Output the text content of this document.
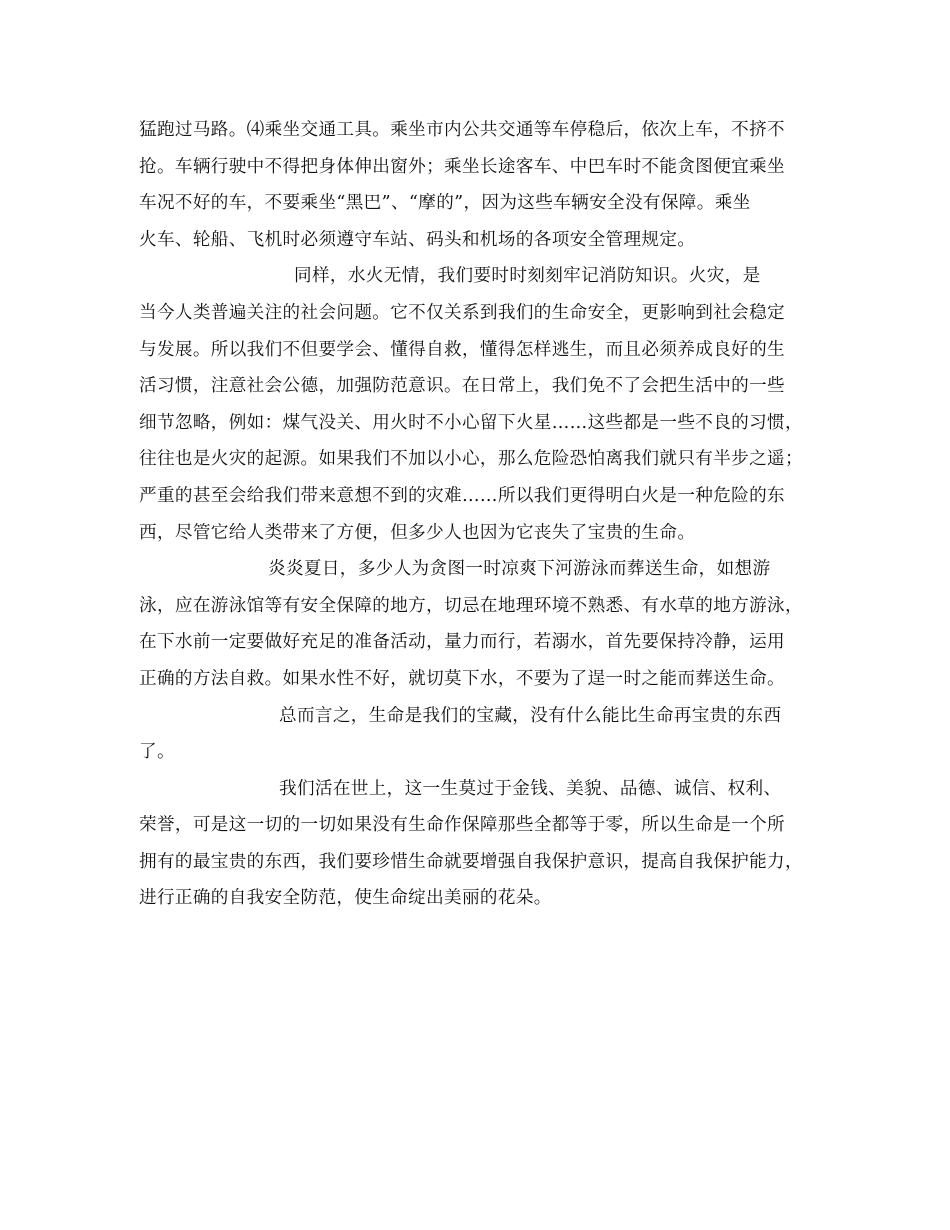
猛跑过马路。⑷乘坐交通工具。乘坐市内公共交通等车停稳后，依次上车，不挤不
抢。车辆行驶中不得把身体伸出窗外；乘坐长途客车、中巴车时不能贪图便宜乘坐
车况不好的车，不要乘坐“黑巴”、“摩的”，因为这些车辆安全没有保障。乘坐
火车、轮船、飞机时必须遵守车站、码头和机场的各项安全管理规定。
同样，水火无情，我们要时时刻刻牢记消防知识。火灾，是
当今人类普遍关注的社会问题。它不仅关系到我们的生命安全，更影响到社会稳定
与发展。所以我们不但要学会、懂得自救，懂得怎样逃生，而且必须养成良好的生
活习惯，注意社会公德，加强防范意识。在日常上，我们免不了会把生活中的一些
细节忽略，例如：煤气没关、用火时不小心留下火星……这些都是一些不良的习惯，
往往也是火灾的起源。如果我们不加以小心，那么危险恐怕离我们就只有半步之遥；
严重的甚至会给我们带来意想不到的灾难……所以我们更得明白火是一种危险的东
西，尽管它给人类带来了方便，但多少人也因为它丧失了宝贵的生命。
炎炎夏日，多少人为贪图一时凉爽下河游泳而葬送生命，如想游
泳，应在游泳馆等有安全保障的地方，切忌在地理环境不熟悉、有水草的地方游泳，
在下水前一定要做好充足的准备活动，量力而行，若溺水，首先要保持冷静，运用
正确的方法自救。如果水性不好，就切莫下水，不要为了逞一时之能而葬送生命。
总而言之，生命是我们的宝藏，没有什么能比生命再宝贵的东西
了。
我们活在世上，这一生莫过于金钱、美貌、品德、诚信、权利、
荣誉，可是这一切的一切如果没有生命作保障那些全都等于零，所以生命是一个所
拥有的最宝贵的东西，我们要珍惜生命就要增强自我保护意识，提高自我保护能力，
进行正确的自我安全防范，使生命绽出美丽的花朵。
